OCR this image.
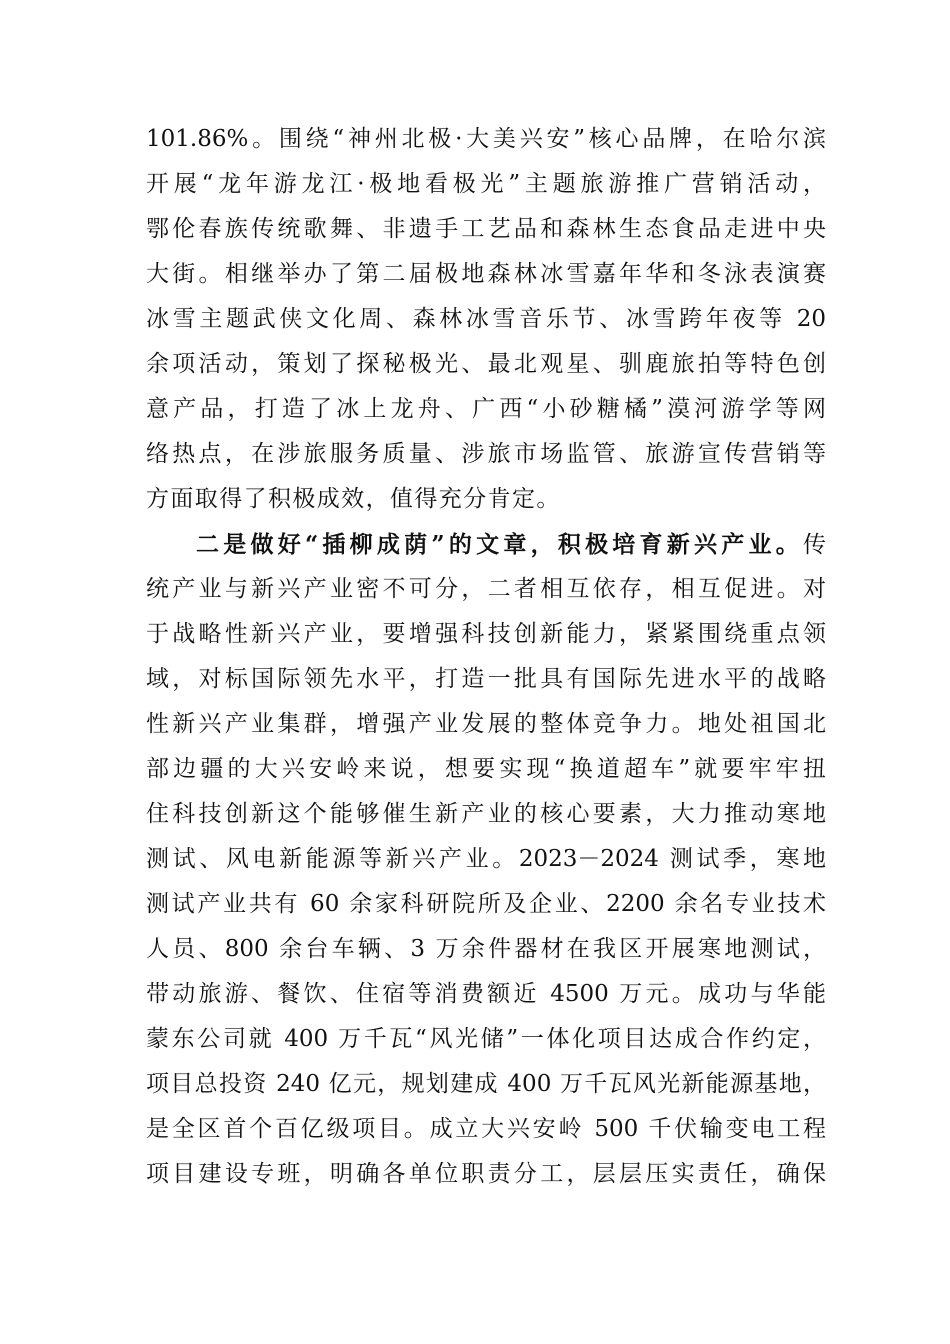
101.86%。围绕“神州北极·大美兴安”核心品牌，在哈尔滨
开展“龙年游龙江·极地看极光”主题旅游推广营销活动，
鄂伦春族传统歌舞、非遗手工艺品和森林生态食品走进中央
大街。相继举办了第二届极地森林冰雪嘉年华和冬泳表演赛
冰雪主题武侠文化周、森林冰雪音乐节、冰雪跨年夜等 20
余项活动，策划了探秘极光、最北观星、驯鹿旅拍等特色创
意产品，打造了冰上龙舟、广西“小砂糖橘”漠河游学等网
络热点，在涉旅服务质量、涉旅市场监管、旅游宣传营销等
方面取得了积极成效，值得充分肯定。
二是做好“插柳成荫”的文章，积极培育新兴产业。传
统产业与新兴产业密不可分，二者相互依存，相互促进。对
于战略性新兴产业，要增强科技创新能力，紧紧围绕重点领
域，对标国际领先水平，打造一批具有国际先进水平的战略
性新兴产业集群，增强产业发展的整体竞争力。地处祖国北
部边疆的大兴安岭来说，想要实现“换道超车”就要牢牢扭
住科技创新这个能够催生新产业的核心要素，大力推动寒地
测试、风电新能源等新兴产业。2023－2024 测试季，寒地
测试产业共有 60 余家科研院所及企业、2200 余名专业技术
人员、800 余台车辆、3 万余件器材在我区开展寒地测试，
带动旅游、餐饮、住宿等消费额近 4500 万元。成功与华能
蒙东公司就 400 万千瓦“风光储”一体化项目达成合作约定，
项目总投资 240 亿元，规划建成 400 万千瓦风光新能源基地，
是全区首个百亿级项目。成立大兴安岭 500 千伏输变电工程
项目建设专班，明确各单位职责分工，层层压实责任，确保
